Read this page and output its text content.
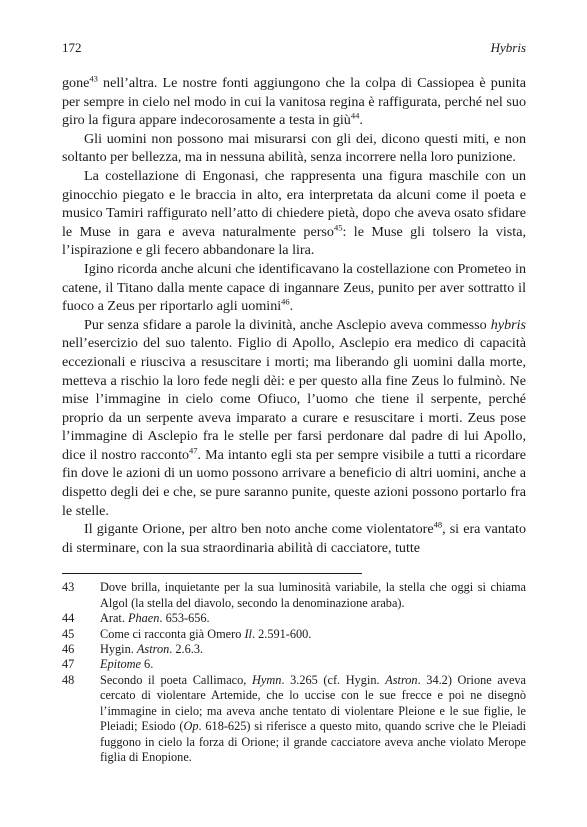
172	Hybris

gone$^{43}$ nell’altra. Le nostre fonti aggiungono che la colpa di Cassiopea è punita per sempre in cielo nel modo in cui la vanitosa regina è raffigurata, perché nel suo giro la figura appare indecorosamente a testa in giù$^{44}$.

Gli uomini non possono mai misurarsi con gli dei, dicono questi miti, e non soltanto per bellezza, ma in nessuna abilità, senza incorrere nella loro punizione.

La costellazione di Engonasi, che rappresenta una figura maschile con un ginocchio piegato e le braccia in alto, era interpretata da alcuni come il poeta e musico Tamiri raffigurato nell’atto di chiedere pietà, dopo che aveva osato sfidare le Muse in gara e aveva naturalmente perso$^{45}$: le Muse gli tolsero la vista, l’ispirazione e gli fecero abbandonare la lira.

Igino ricorda anche alcuni che identificavano la costellazione con Prometeo in catene, il Titano dalla mente capace di ingannare Zeus, punito per aver sottratto il fuoco a Zeus per riportarlo agli uomini$^{46}$.

Pur senza sfidare a parole la divinità, anche Asclepio aveva commesso hybris nell’esercizio del suo talento. Figlio di Apollo, Asclepio era medico di capacità eccezionali e riusciva a resuscitare i morti; ma liberando gli uomini dalla morte, metteva a rischio la loro fede negli dèi: e per questo alla fine Zeus lo fulminò. Ne mise l’immagine in cielo come Ofiuco, l’uomo che tiene il serpente, perché proprio da un serpente aveva imparato a curare e resuscitare i morti. Zeus pose l’immagine di Asclepio fra le stelle per farsi perdonare dal padre di lui Apollo, dice il nostro racconto$^{47}$. Ma intanto egli sta per sempre visibile a tutti a ricordare fin dove le azioni di un uomo possono arrivare a beneficio di altri uomini, anche a dispetto degli dei e che, se pure saranno punite, queste azioni possono portarlo fra le stelle.

Il gigante Orione, per altro ben noto anche come violentatore$^{48}$, si era vantato di sterminare, con la sua straordinaria abilità di cacciatore, tutte

43	Dove brilla, inquietante per la sua luminosità variabile, la stella che oggi si chiama Algol (la stella del diavolo, secondo la denominazione araba).
44	Arat. Phaen. 653-656.
45	Come ci racconta già Omero Il. 2.591-600.
46	Hygin. Astron. 2.6.3.
47	Epitome 6.
48	Secondo il poeta Callimaco, Hymn. 3.265 (cf. Hygin. Astron. 34.2) Orione aveva cercato di violentare Artemide, che lo uccise con le sue frecce e poi ne disegnò l’immagine in cielo; ma aveva anche tentato di violentare Pleione e le sue figlie, le Pleiadi; Esiodo (Op. 618-625) si riferisce a questo mito, quando scrive che le Pleiadi fuggono in cielo la forza di Orione; il grande cacciatore aveva anche violato Merope figlia di Enopione.
